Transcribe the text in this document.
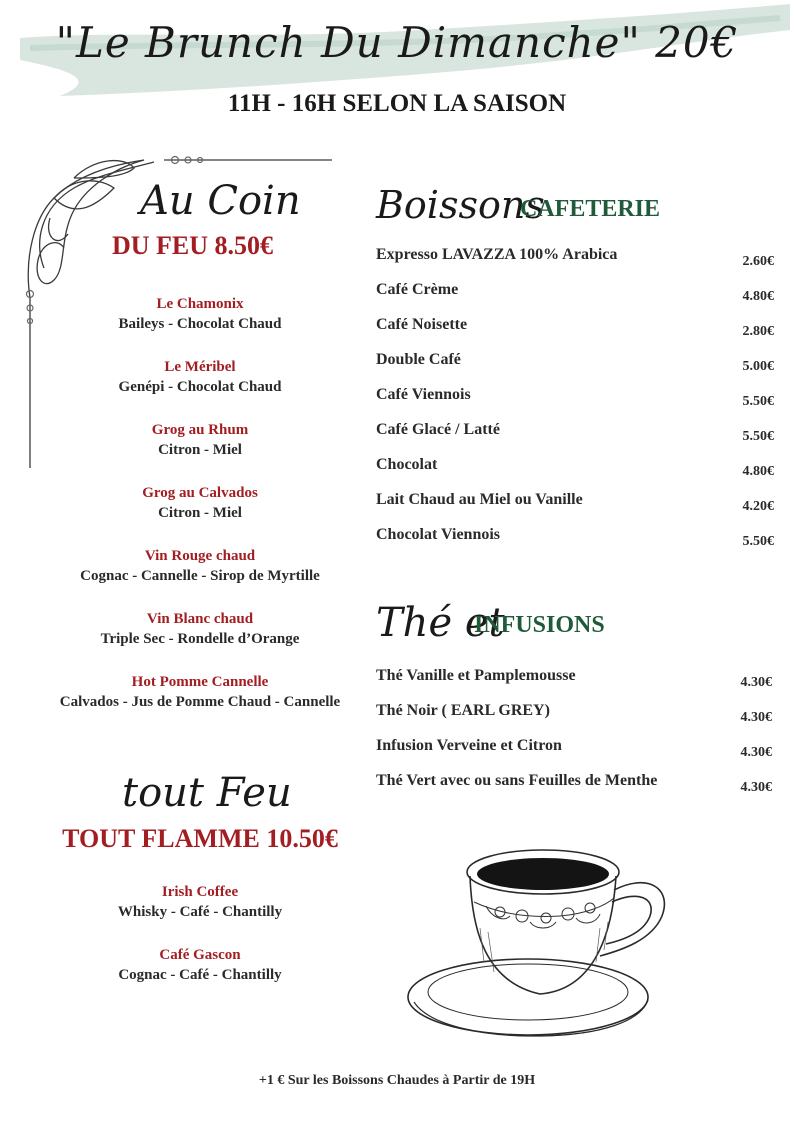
"Le Brunch Du Dimanche" 20€
11H - 16H SELON LA SAISON
Au Coin
DU FEU 8.50€
Le Chamonix
Baileys - Chocolat Chaud
Le Méribel
Genépi - Chocolat Chaud
Grog au Rhum
Citron - Miel
Grog au Calvados
Citron - Miel
Vin Rouge chaud
Cognac - Cannelle - Sirop de Myrtille
Vin Blanc chaud
Triple Sec - Rondelle d’Orange
Hot Pomme Cannelle
Calvados - Jus de Pomme Chaud - Cannelle
tout Feu
TOUT FLAMME 10.50€
Irish Coffee
Whisky - Café - Chantilly
Café Gascon
Cognac - Café - Chantilly
Boissons
CAFETERIE
Expresso LAVAZZA 100% Arabica	2.60€
Café Crème	4.80€
Café Noisette	2.80€
Double Café	5.00€
Café Viennois	5.50€
Café Glacé / Latté	5.50€
Chocolat	4.80€
Lait Chaud au Miel ou Vanille	4.20€
Chocolat Viennois	5.50€
Thé et
INFUSIONS
Thé Vanille et Pamplemousse	4.30€
Thé Noir ( EARL GREY)	4.30€
Infusion Verveine et Citron	4.30€
Thé Vert avec ou sans Feuilles de Menthe	4.30€
+1 € Sur les Boissons Chaudes à Partir de 19H
